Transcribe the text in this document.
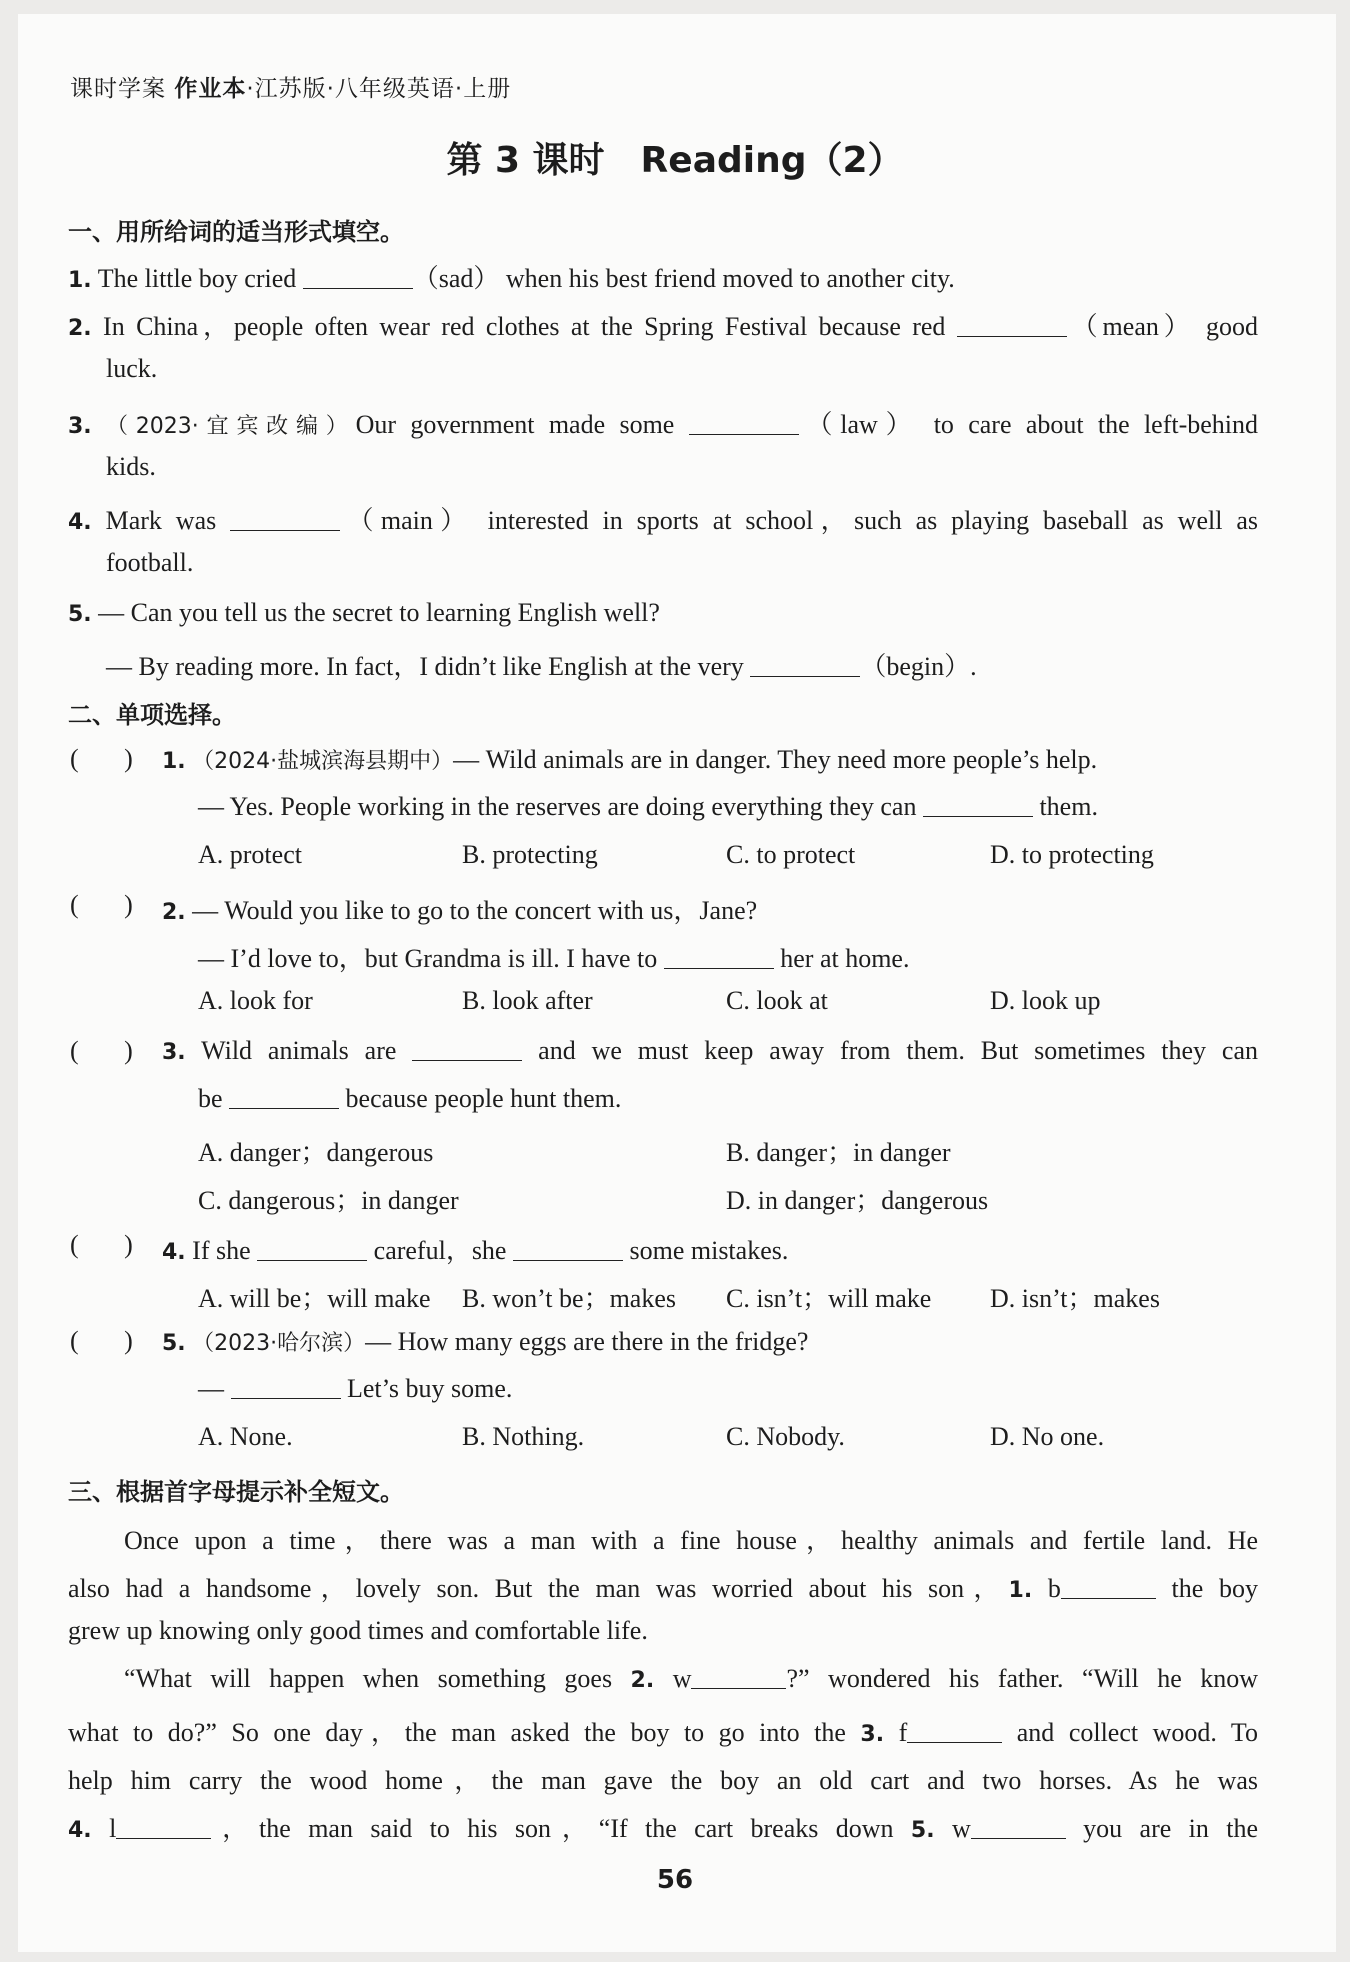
课时学案 作业本·江苏版·八年级英语·上册
第 3 课时　Reading（2）
一、用所给词的适当形式填空。
1. The little boy cried	（sad） when his best friend moved to another city.
2. In China，people often wear red clothes at the Spring Festival because red	（mean） good
luck.
3. （2023·宜宾改编）Our government made some	（law） to care about the left-behind
kids.
4. Mark was	（main） interested in sports at school，such as playing baseball as well as
football.
5. — Can you tell us the secret to learning English well?
— By reading more. In fact，I didn’t like English at the very	（begin）.
二、单项选择。
(       ) 1. （2024·盐城滨海县期中）— Wild animals are in danger. They need more people’s help.
— Yes. People working in the reserves are doing everything they can	them.
A. protect	B. protecting	C. to protect	D. to protecting
(       ) 2. — Would you like to go to the concert with us，Jane?
— I’d love to，but Grandma is ill. I have to	her at home.
A. look for	B. look after	C. look at	D. look up
(       ) 3. Wild animals are	and we must keep away from them. But sometimes they can
be	because people hunt them.
A. danger；dangerous	B. danger；in danger
C. dangerous；in danger	D. in danger；dangerous
(       ) 4. If she	careful，she	some mistakes.
A. will be；will make B. won’t be；makes C. isn’t；will make D. isn’t；makes
(       ) 5. （2023·哈尔滨）— How many eggs are there in the fridge?
—	Let’s buy some.
A. None.	B. Nothing.	C. Nobody.	D. No one.
三、根据首字母提示补全短文。
Once upon a time，there was a man with a fine house，healthy animals and fertile land. He
also had a handsome，lovely son. But the man was worried about his son，1. b	the boy
grew up knowing only good times and comfortable life.
“What will happen when something goes 2. w	?” wondered his father. “Will he know
what to do?” So one day，the man asked the boy to go into the 3. f	and collect wood. To
help him carry the wood home，the man gave the boy an old cart and two horses. As he was
4. l	，the man said to his son，“If the cart breaks down 5. w	you are in the
56
